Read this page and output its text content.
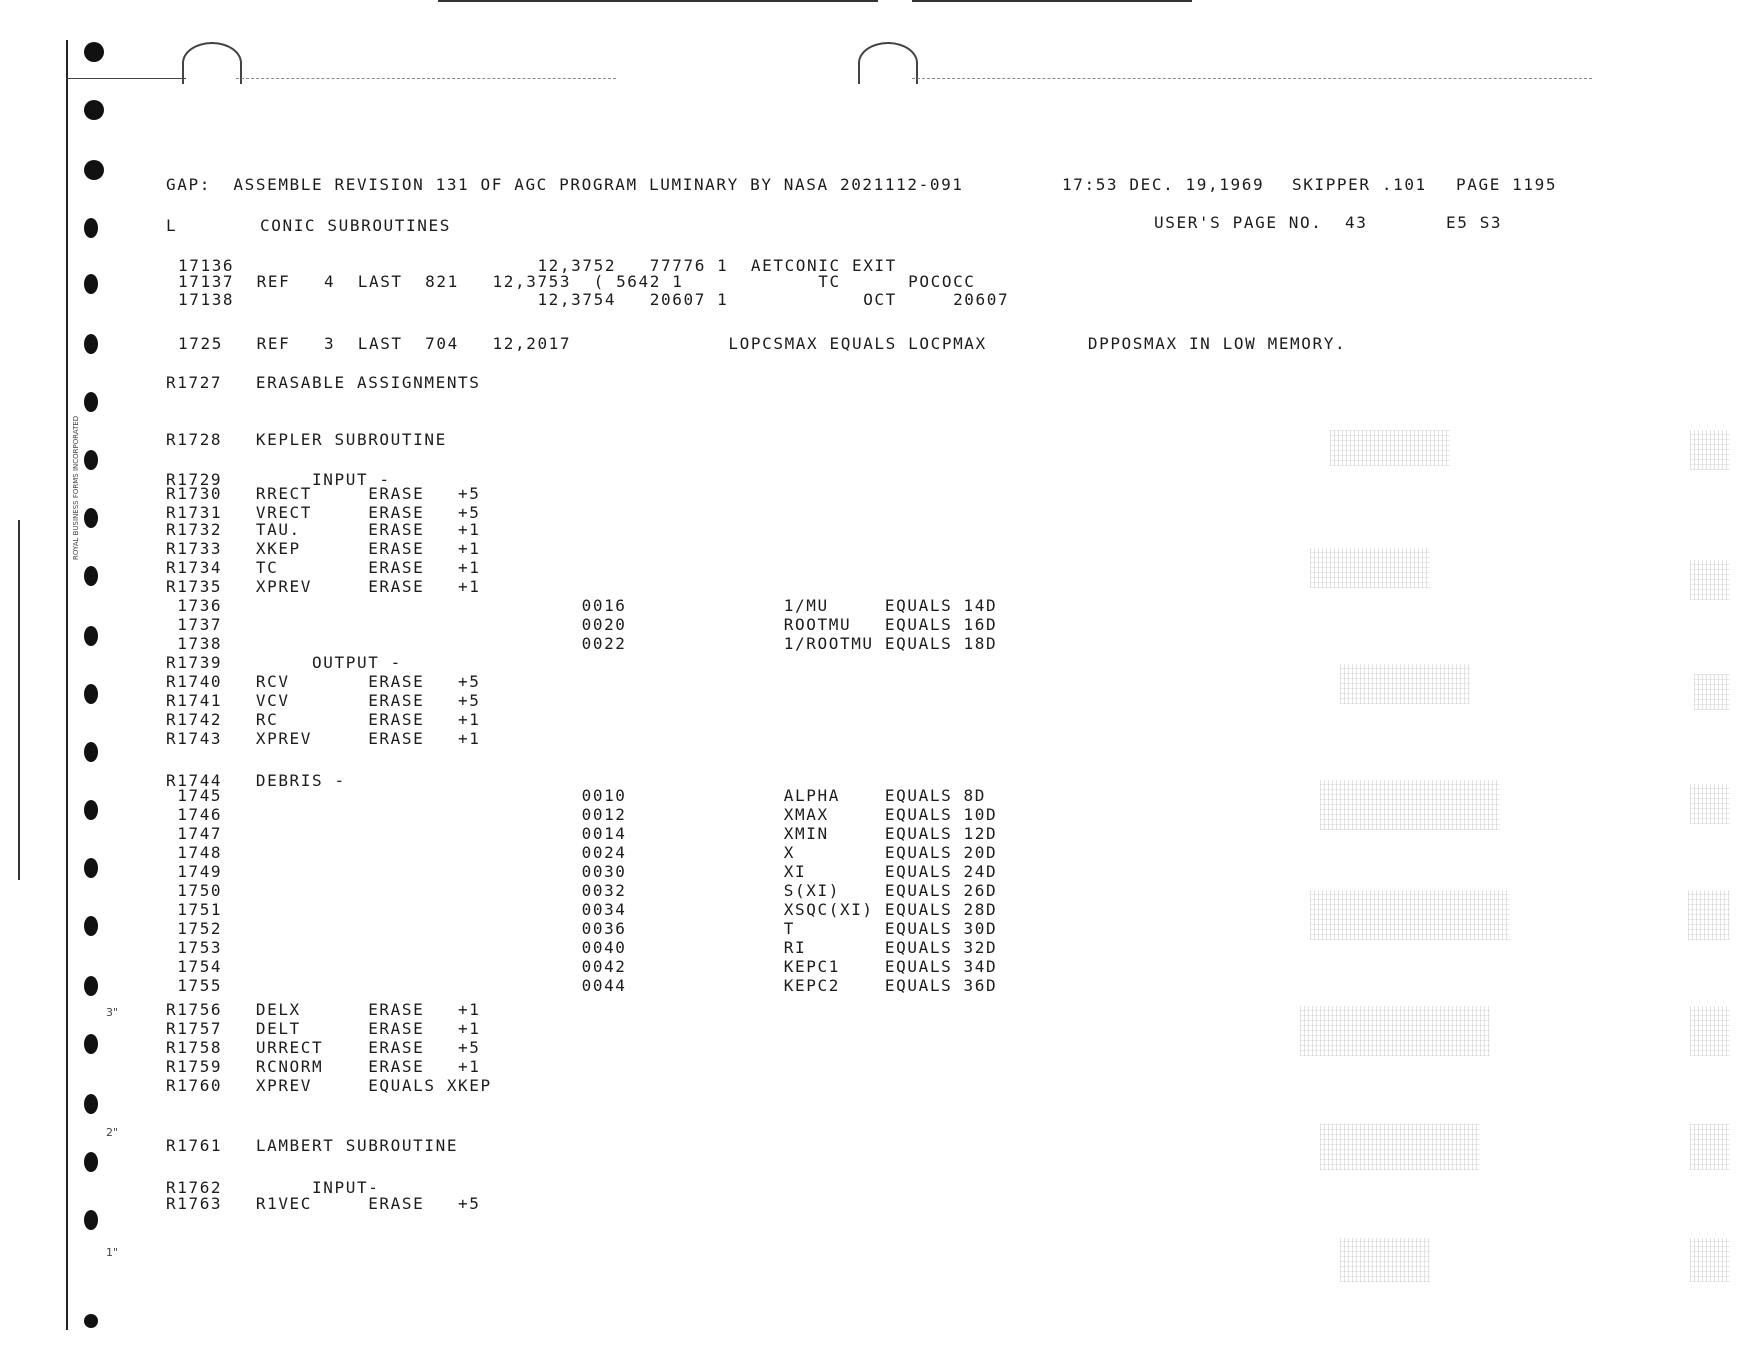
ROYAL BUSINESS FORMS INCORPORATED
3"
2"
1"
GAP:  ASSEMBLE REVISION 131 OF AGC PROGRAM LUMINARY BY NASA 2021112-091	17:53 DEC. 19,1969 SKIPPER .101 PAGE 1195
L	CONIC SUBROUTINES	USER'S PAGE NO.  43	E5 S3
17136                           12,3752   77776 1  AETCONIC EXIT
17137  REF   4  LAST  821   12,3753  ( 5642 1            TC      POCOCC
17138                           12,3754   20607 1            OCT     20607
1725   REF   3  LAST  704   12,2017              LOPCSMAX EQUALS LOCPMAX         DPPOSMAX IN LOW MEMORY.
R1727   ERASABLE ASSIGNMENTS
R1728   KEPLER SUBROUTINE
R1729        INPUT -
R1730   RRECT     ERASE   +5
R1731   VRECT     ERASE   +5
R1732   TAU.      ERASE   +1
R1733   XKEP      ERASE   +1
R1734   TC        ERASE   +1
R1735   XPREV     ERASE   +1
1736                                0016              1/MU     EQUALS 14D
1737                                0020              ROOTMU   EQUALS 16D
1738                                0022              1/ROOTMU EQUALS 18D
R1739        OUTPUT -
R1740   RCV       ERASE   +5
R1741   VCV       ERASE   +5
R1742   RC        ERASE   +1
R1743   XPREV     ERASE   +1
R1744   DEBRIS -
1745                                0010              ALPHA    EQUALS 8D
1746                                0012              XMAX     EQUALS 10D
1747                                0014              XMIN     EQUALS 12D
1748                                0024              X        EQUALS 20D
1749                                0030              XI       EQUALS 24D
1750                                0032              S(XI)    EQUALS 26D
1751                                0034              XSQC(XI) EQUALS 28D
1752                                0036              T        EQUALS 30D
1753                                0040              RI       EQUALS 32D
1754                                0042              KEPC1    EQUALS 34D
1755                                0044              KEPC2    EQUALS 36D
R1756   DELX      ERASE   +1
R1757   DELT      ERASE   +1
R1758   URRECT    ERASE   +5
R1759   RCNORM    ERASE   +1
R1760   XPREV     EQUALS XKEP
R1761   LAMBERT SUBROUTINE
R1762        INPUT-
R1763   R1VEC     ERASE   +5
